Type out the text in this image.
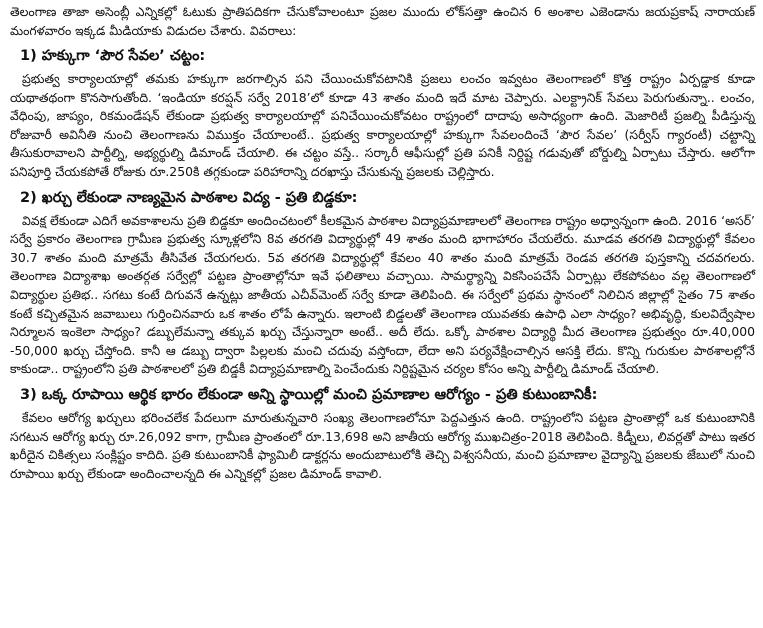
తెలంగాణ తాజా అసెంబ్లీ ఎన్నికల్లో ఓటుకు ప్రాతిపదికగా చేసుకోవాలంటూ ప్రజల ముందు లోక్‌సత్తా ఉంచిన 6 అంశాల ఎజెండాను జయప్రకాష్ నారాయణ్ మంగళవారం ఇక్కడ మీడియాకు విడుదల చేశారు. వివరాలు:

1) హక్కుగా ‘పౌర సేవల’ చట్టం:

ప్రభుత్వ కార్యాలయాల్లో తమకు హక్కుగా జరగాల్సిన పని చేయించుకోవటానికి ప్రజలు లంచం ఇవ్వటం తెలంగాణలో కొత్త రాష్ట్రం ఏర్పడ్డాక కూడా యథాతథంగా కొనసాగుతోంది. ‘ఇండియా కరప్షన్ సర్వే 2018’లో కూడా 43 శాతం మంది ఇదే మాట చెప్పారు. ఎలక్ట్రానిక్ సేవలు పెరుగుతున్నా.. లంచం, వేధింపు, జాప్యం, రికమండేషన్ లేకుండా ప్రభుత్వ కార్యాలయాల్లో పనిచేయించుకోవటం రాష్ట్రంలో దాదాపు అసాధ్యంగా ఉంది. మెజారిటీ ప్రజల్ని పీడిస్తున్న రోజువారీ అవినీతి నుంచి తెలంగాణను విముక్తం చేయాలంటే.. ప్రభుత్వ కార్యాలయాల్లో హక్కుగా సేవలందించే ‘పౌర సేవల’ (సర్వీస్ గ్యారంటీ) చట్టాన్ని తీసుకురావాలని పార్టీల్ని, అభ్యర్థుల్ని డిమాండ్ చేయాలి. ఈ చట్టం వస్తే.. సర్కారీ ఆఫీసుల్లో ప్రతి పనికీ నిర్దిష్ట గడువుతో బోర్డుల్ని ఏర్పాటు చేస్తారు. ఆలోగా పనిపూర్తి చేయకపోతే రోజుకు రూ.250కి తగ్గకుండా పరిహారాన్ని దరఖాస్తు చేసుకున్న ప్రజలకు చెల్లిస్తారు.

2) ఖర్చు లేకుండా నాణ్యమైన పాఠశాల విద్య - ప్రతి బిడ్డకూ:

వివక్ష లేకుండా ఎదిగే అవకాశాలను ప్రతి బిడ్డకూ అందించటంలో కీలకమైన పాఠశాల విద్యాప్రమాణాలలో తెలంగాణ రాష్ట్రం అధ్వాన్నంగా ఉంది. 2016 ‘అసర్’ సర్వే ప్రకారం తెలంగాణ గ్రామీణ ప్రభుత్వ స్కూళ్లలోని 8వ తరగతి విద్యార్థుల్లో 49 శాతం మంది భాగాహారం చేయలేరు. మూడవ తరగతి విద్యార్థుల్లో కేవలం 30.7 శాతం మంది మాత్రమే తీసివేత చేయగలరు. 5వ తరగతి విద్యార్థుల్లో కేవలం 40 శాతం మంది మాత్రమే రెండవ తరగతి పుస్తకాన్ని చదవగలరు. తెలంగాణ విద్యాశాఖ అంతర్గత సర్వేల్లో పట్టణ ప్రాంతాల్లోనూ ఇవే ఫలితాలు వచ్చాయి. సామర్థ్యాన్ని వికసింపచేసే ఏర్పాట్లు లేకపోవటం వల్ల తెలంగాణలో విద్యార్థుల ప్రతిభ.. సగటు కంటే దిగువనే ఉన్నట్లు జాతీయ ఎచీవ్‌మెంట్ సర్వే కూడా తెలిపింది. ఈ సర్వేలో ప్రథమ స్థానంలో నిలిచిన జిల్లాల్లో సైతం 75 శాతం కంటే కచ్చితమైన జవాబులు గుర్తించినవారు ఒక శాతం లోపే ఉన్నారు. ఇలాంటి బిడ్డలతో తెలంగాణ యువతకు ఉపాధి ఎలా సాధ్యం? అభివృద్ధి, కులవిద్వేషాల నిర్మూలన ఇంకెలా సాధ్యం? డబ్బులేమన్నా తక్కువ ఖర్చు చేస్తున్నారా అంటే.. అదీ లేదు. ఒక్కో పాఠశాల విద్యార్థి మీద తెలంగాణ ప్రభుత్వం రూ.40,000 -50,000 ఖర్చు చేస్తోంది. కానీ ఆ డబ్బు ద్వారా పిల్లలకు మంచి చదువు వస్తోందా, లేదా అని పర్యవేక్షించాల్సిన ఆసక్తి లేదు. కొన్ని గురుకుల పాఠశాలల్లోనే కాకుండా.. రాష్ట్రంలోని ప్రతి పాఠశాలలో ప్రతి బిడ్డకీ విద్యాప్రమాణాల్ని పెంచేందుకు నిర్దిష్టమైన చర్యల కోసం అన్ని పార్టీల్ని డిమాండ్ చేయాలి.

3) ఒక్క రూపాయి ఆర్థిక భారం లేకుండా అన్ని స్థాయిల్లో మంచి ప్రమాణాల ఆరోగ్యం - ప్రతి కుటుంబానికీ:

కేవలం ఆరోగ్య ఖర్చులు భరించలేక పేదలుగా మారుతున్నవారి సంఖ్య తెలంగాణలోనూ పెద్దఎత్తున ఉంది. రాష్ట్రంలోని పట్టణ ప్రాంతాల్లో ఒక కుటుంబానికి సగటున ఆరోగ్య ఖర్చు రూ.26,092 కాగా, గ్రామీణ ప్రాంతంలో రూ.13,698 అని జాతీయ ఆరోగ్య ముఖచిత్రం-2018 తెలిపింది. కిడ్నీలు, లివర్లతో పాటు ఇతర ఖరీదైన చికిత్సలు సంక్లిష్టం కాదిది. ప్రతి కుటుంబానికీ ఫ్యామిలీ డాక్టర్లను అందుబాటులోకి తెచ్చి విశ్వసనీయ, మంచి ప్రమాణాల వైద్యాన్ని ప్రజలకు జేబులో నుంచి రూపాయి ఖర్చు లేకుండా అందించాలన్నది ఈ ఎన్నికల్లో ప్రజల డిమాండ్ కావాలి.
